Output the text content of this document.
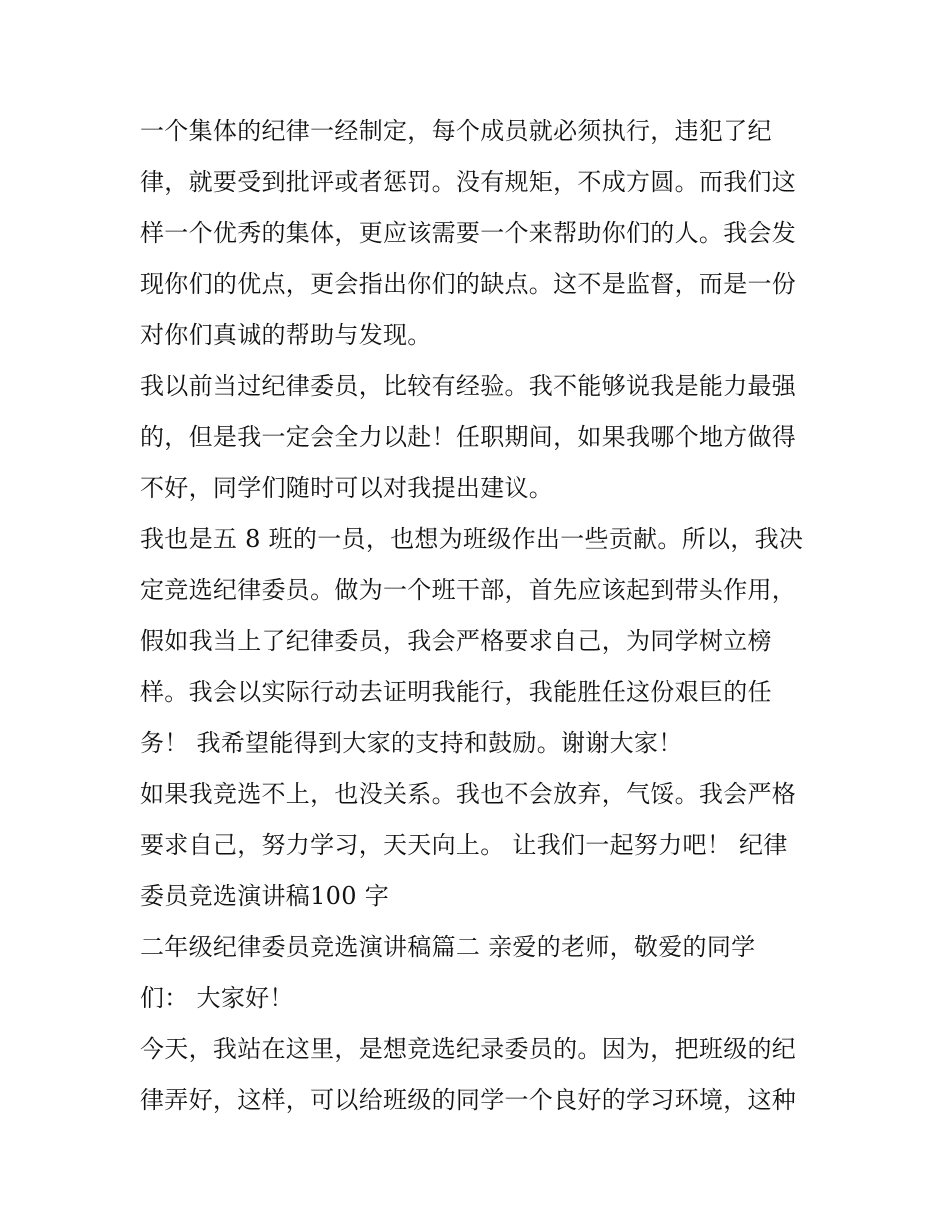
一个集体的纪律一经制定，每个成员就必须执行，违犯了纪
律，就要受到批评或者惩罚。没有规矩，不成方圆。而我们这
样一个优秀的集体，更应该需要一个来帮助你们的人。我会发
现你们的优点，更会指出你们的缺点。这不是监督，而是一份
对你们真诚的帮助与发现。
我以前当过纪律委员，比较有经验。我不能够说我是能力最强
的，但是我一定会全力以赴！任职期间，如果我哪个地方做得
不好，同学们随时可以对我提出建议。
我也是五 8 班的一员，也想为班级作出一些贡献。所以，我决
定竞选纪律委员。做为一个班干部，首先应该起到带头作用，
假如我当上了纪律委员，我会严格要求自己，为同学树立榜
样。我会以实际行动去证明我能行，我能胜任这份艰巨的任
务！ 我希望能得到大家的支持和鼓励。谢谢大家！
如果我竞选不上，也没关系。我也不会放弃，气馁。我会严格
要求自己，努力学习，天天向上。 让我们一起努力吧！ 纪律
委员竞选演讲稿100 字
二年级纪律委员竞选演讲稿篇二 亲爱的老师，敬爱的同学
们： 大家好！
今天，我站在这里，是想竞选纪录委员的。因为，把班级的纪
律弄好，这样，可以给班级的同学一个良好的学习环境，这种
